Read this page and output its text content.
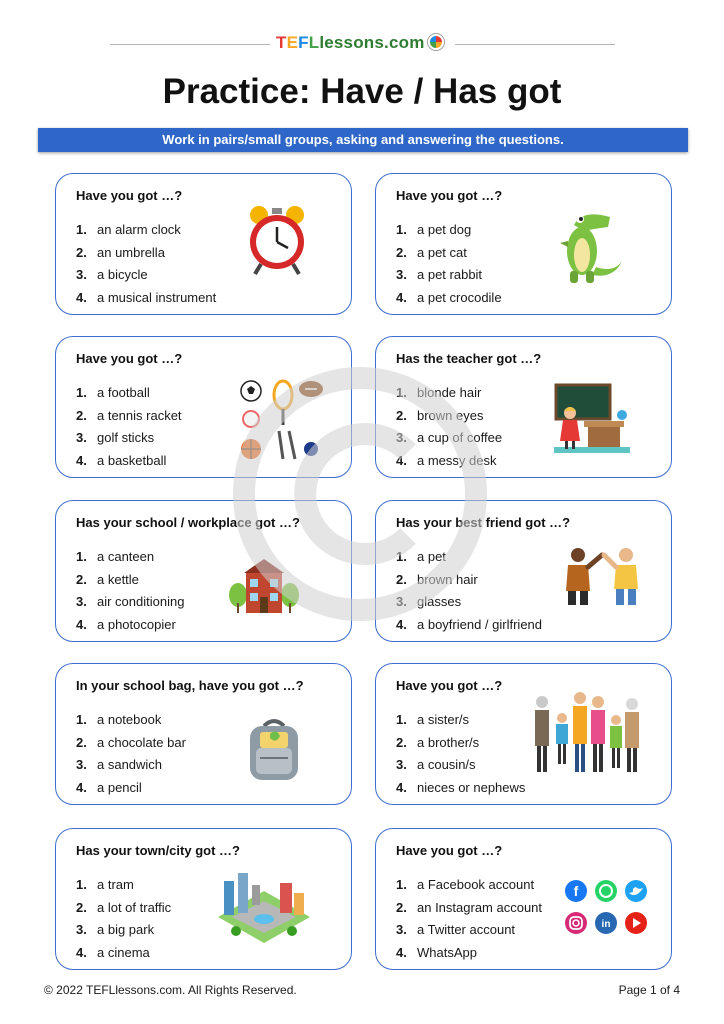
TEFLlessons.com
Practice: Have / Has got
Work in pairs/small groups, asking and answering the questions.
Have you got …?
1. an alarm clock
2. an umbrella
3. a bicycle
4. a musical instrument
Have you got …?
1. a pet dog
2. a pet cat
3. a pet rabbit
4. a pet crocodile
Have you got …?
1. a football
2. a tennis racket
3. golf sticks
4. a basketball
Has the teacher got …?
1. blonde hair
2. brown eyes
3. a cup of coffee
4. a messy desk
Has your school / workplace got …?
1. a canteen
2. a kettle
3. air conditioning
4. a photocopier
Has your best friend got …?
1. a pet
2. brown hair
3. glasses
4. a boyfriend / girlfriend
In your school bag, have you got …?
1. a notebook
2. a chocolate bar
3. a sandwich
4. a pencil
Have you got …?
1. a sister/s
2. a brother/s
3. a cousin/s
4. nieces or nephews
Has your town/city got …?
1. a tram
2. a lot of traffic
3. a big park
4. a cinema
Have you got …?
1. a Facebook account
2. an Instagram account
3. a Twitter account
4. WhatsApp
f
in
© 2022 TEFLlessons.com. All Rights Reserved.	Page 1 of 4
